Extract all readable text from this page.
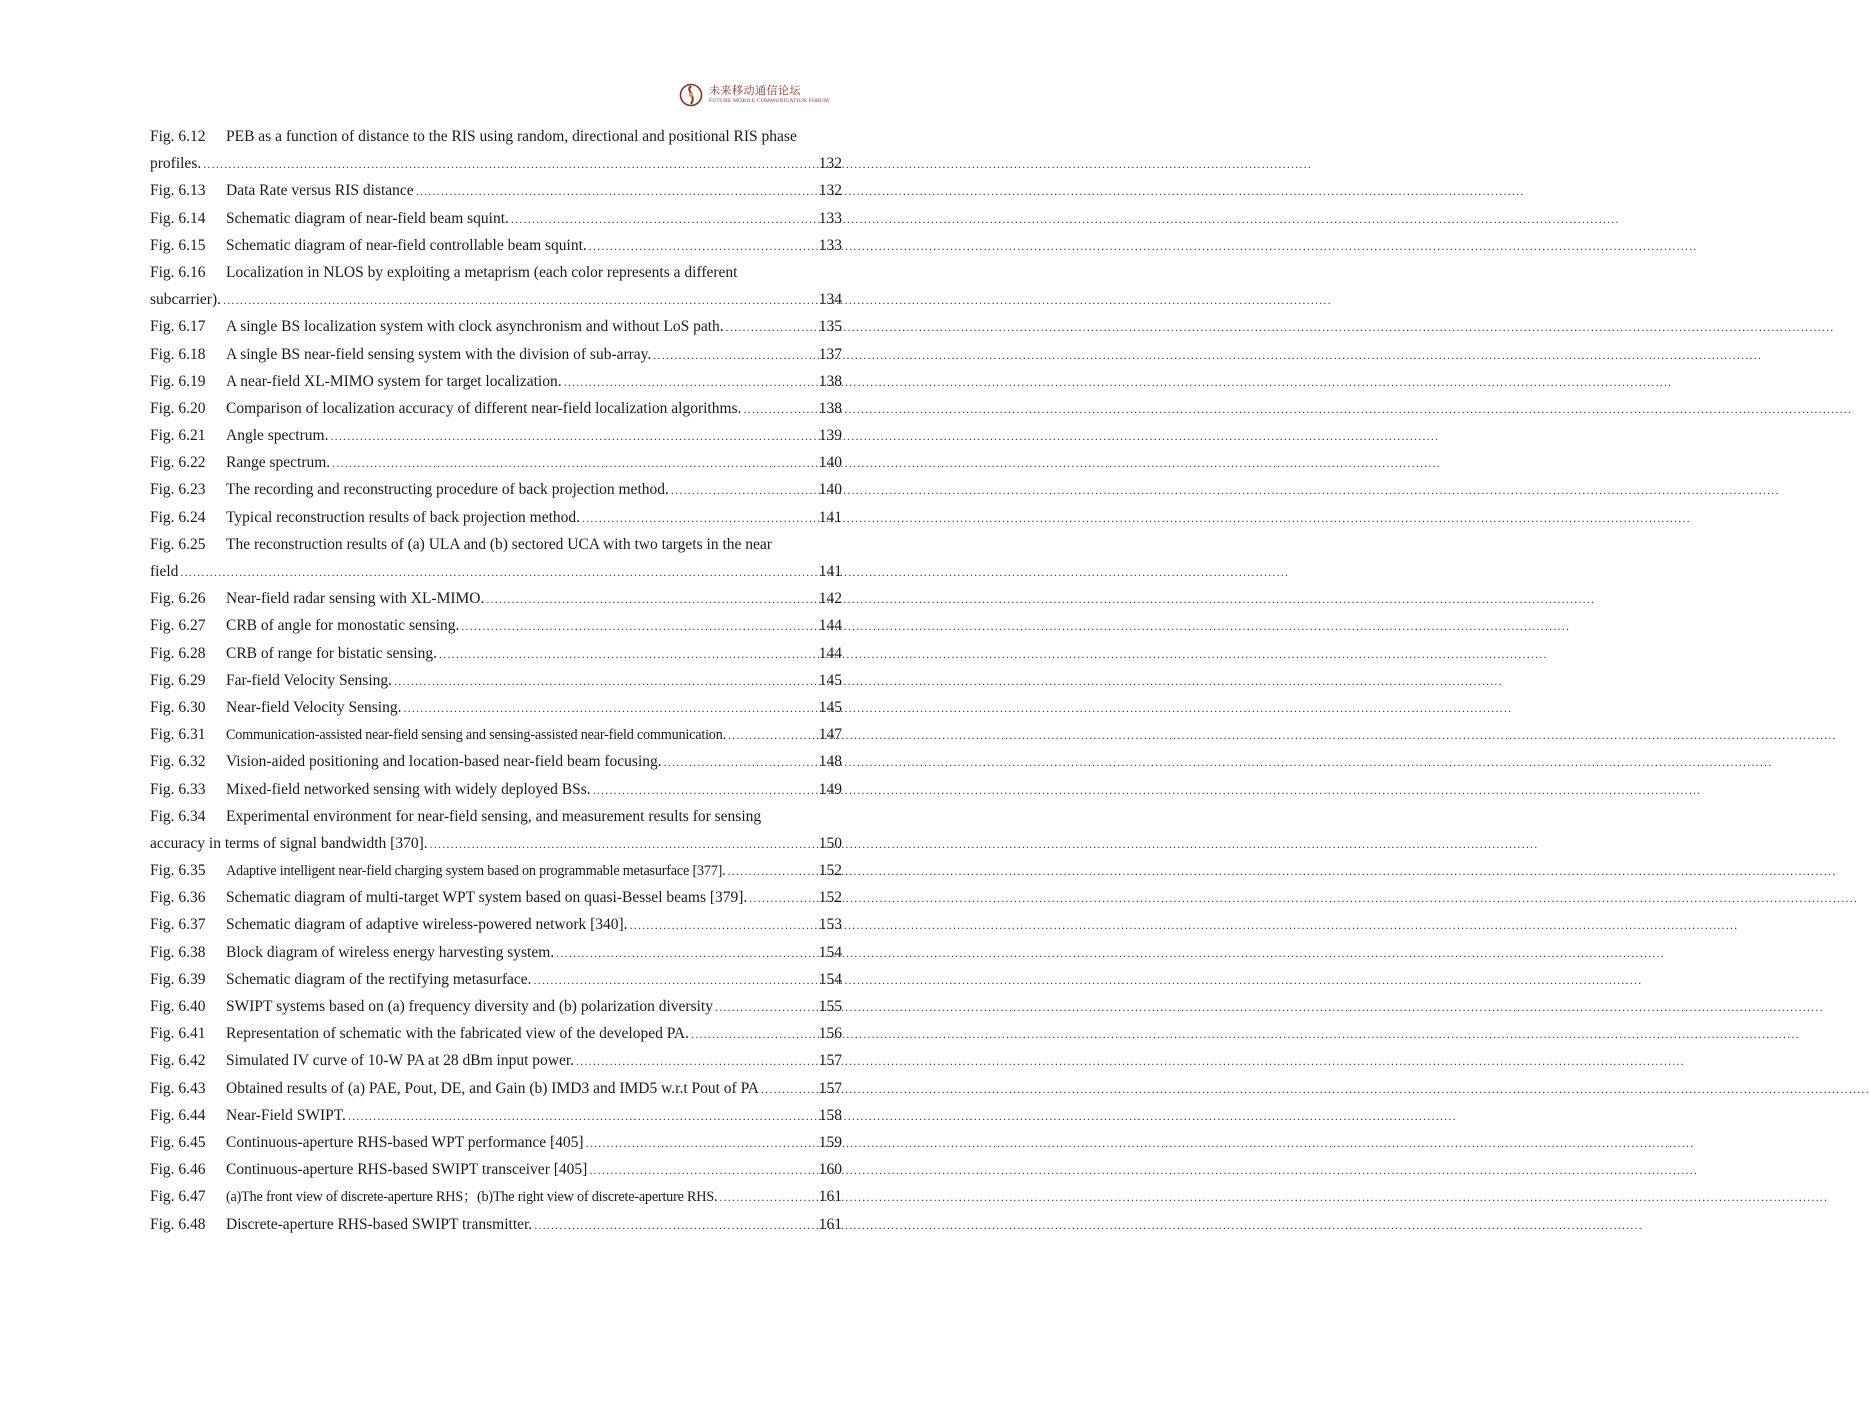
未来移动通信论坛
FUTURE MOBILE COMMUNICATION FORUM
Fig. 6.12	PEB as a function of distance to the RIS using random, directional and positional RIS phase
profiles. .....	132
Fig. 6.13	Data Rate versus RIS distance .....	132
Fig. 6.14	Schematic diagram of near-field beam squint. .....	133
Fig. 6.15	Schematic diagram of near-field controllable beam squint. .....	133
Fig. 6.16	Localization in NLOS by exploiting a metaprism (each color represents a different
subcarrier). .....	134
Fig. 6.17	A single BS localization system with clock asynchronism and without LoS path. .....	135
Fig. 6.18	A single BS near-field sensing system with the division of sub-array. .....	137
Fig. 6.19	A near-field XL-MIMO system for target localization. .....	138
Fig. 6.20	Comparison of localization accuracy of different near-field localization algorithms. .....	138
Fig. 6.21	Angle spectrum. .....	139
Fig. 6.22	Range spectrum. .....	140
Fig. 6.23	The recording and reconstructing procedure of back projection method. .....	140
Fig. 6.24	Typical reconstruction results of back projection method. .....	141
Fig. 6.25	The reconstruction results of (a) ULA and (b) sectored UCA with two targets in the near
field .....	141
Fig. 6.26	Near-field radar sensing with XL-MIMO. .....	142
Fig. 6.27	CRB of angle for monostatic sensing. .....	144
Fig. 6.28	CRB of range for bistatic sensing. .....	144
Fig. 6.29	Far-field Velocity Sensing. .....	145
Fig. 6.30	Near-field Velocity Sensing. .....	145
Fig. 6.31	Communication-assisted near-field sensing and sensing-assisted near-field communication. .....	147
Fig. 6.32	Vision-aided positioning and location-based near-field beam focusing. .....	148
Fig. 6.33	Mixed-field networked sensing with widely deployed BSs. .....	149
Fig. 6.34	Experimental environment for near-field sensing, and measurement results for sensing
accuracy in terms of signal bandwidth [370]. .....	150
Fig. 6.35	Adaptive intelligent near-field charging system based on programmable metasurface [377]. .....	152
Fig. 6.36	Schematic diagram of multi-target WPT system based on quasi-Bessel beams [379]. .....	152
Fig. 6.37	Schematic diagram of adaptive wireless-powered network [340]. .....	153
Fig. 6.38	Block diagram of wireless energy harvesting system. .....	154
Fig. 6.39	Schematic diagram of the rectifying metasurface. .....	154
Fig. 6.40	SWIPT systems based on (a) frequency diversity and (b) polarization diversity .....	155
Fig. 6.41	Representation of schematic with the fabricated view of the developed PA. .....	156
Fig. 6.42	Simulated IV curve of 10-W PA at 28 dBm input power. .....	157
Fig. 6.43	Obtained results of (a) PAE, Pout, DE, and Gain (b) IMD3 and IMD5 w.r.t Pout of PA .....	157
Fig. 6.44	Near-Field SWIPT. .....	158
Fig. 6.45	Continuous-aperture RHS-based WPT performance [405] .....	159
Fig. 6.46	Continuous-aperture RHS-based SWIPT transceiver [405] .....	160
Fig. 6.47	(a)The front view of discrete-aperture RHS；(b)The right view of discrete-aperture RHS. .....	161
Fig. 6.48	Discrete-aperture RHS-based SWIPT transmitter. .....	161
